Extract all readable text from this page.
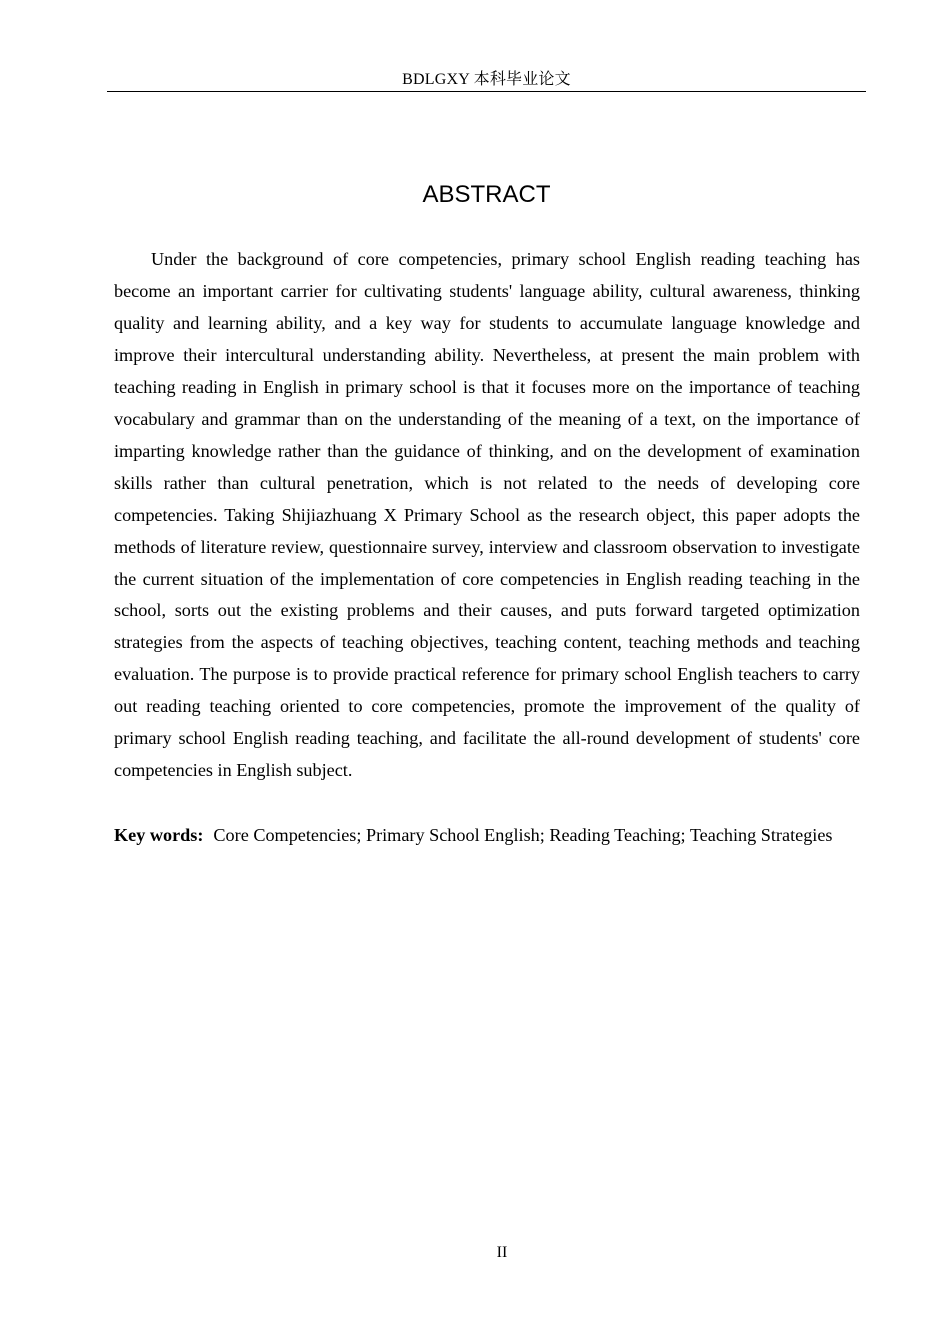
BDLGXY 本科毕业论文
ABSTRACT

Under the background of core competencies, primary school English reading teaching has become an important carrier for cultivating students' language ability, cultural awareness, thinking quality and learning ability, and a key way for students to accumulate language knowledge and improve their intercultural understanding ability. Nevertheless, at present the main problem with teaching reading in English in primary school is that it focuses more on the importance of teaching vocabulary and grammar than on the understanding of the meaning of a text, on the importance of imparting knowledge rather than the guidance of thinking, and on the development of examination skills rather than cultural penetration, which is not related to the needs of developing core competencies. Taking Shijiazhuang X Primary School as the research object, this paper adopts the methods of literature review, questionnaire survey, interview and classroom observation to investigate the current situation of the implementation of core competencies in English reading teaching in the school, sorts out the existing problems and their causes, and puts forward targeted optimization strategies from the aspects of teaching objectives, teaching content, teaching methods and teaching evaluation. The purpose is to provide practical reference for primary school English teachers to carry out reading teaching oriented to core competencies, promote the improvement of the quality of primary school English reading teaching, and facilitate the all-round development of students' core competencies in English subject.

Key words: Core Competencies; Primary School English; Reading Teaching; Teaching Strategies

II
